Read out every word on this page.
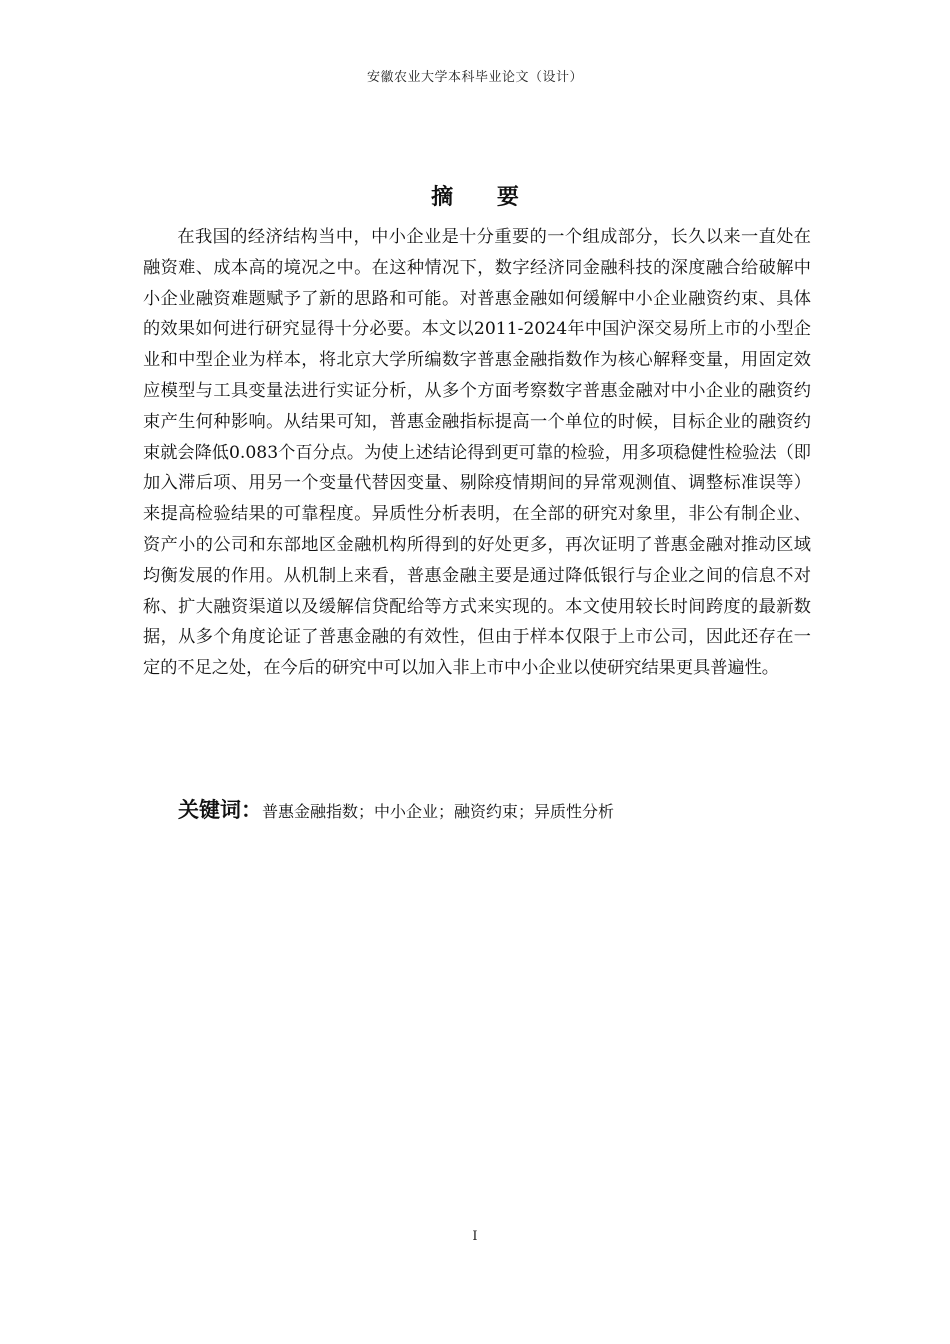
安徽农业大学本科毕业论文（设计）
摘 要

在我国的经济结构当中，中小企业是十分重要的一个组成部分，长久以来一直处在融资难、成本高的境况之中。在这种情况下，数字经济同金融科技的深度融合给破解中小企业融资难题赋予了新的思路和可能。对普惠金融如何缓解中小企业融资约束、具体的效果如何进行研究显得十分必要。本文以2011-2024年中国沪深交易所上市的小型企业和中型企业为样本，将北京大学所编数字普惠金融指数作为核心解释变量，用固定效应模型与工具变量法进行实证分析，从多个方面考察数字普惠金融对中小企业的融资约束产生何种影响。从结果可知，普惠金融指标提高一个单位的时候，目标企业的融资约束就会降低0.083个百分点。为使上述结论得到更可靠的检验，用多项稳健性检验法（即加入滞后项、用另一个变量代替因变量、剔除疫情期间的异常观测值、调整标准误等）来提高检验结果的可靠程度。异质性分析表明，在全部的研究对象里，非公有制企业、资产小的公司和东部地区金融机构所得到的好处更多，再次证明了普惠金融对推动区域均衡发展的作用。从机制上来看，普惠金融主要是通过降低银行与企业之间的信息不对称、扩大融资渠道以及缓解信贷配给等方式来实现的。本文使用较长时间跨度的最新数据，从多个角度论证了普惠金融的有效性，但由于样本仅限于上市公司，因此还存在一定的不足之处，在今后的研究中可以加入非上市中小企业以使研究结果更具普遍性。

关键词：普惠金融指数；中小企业；融资约束；异质性分析
I
